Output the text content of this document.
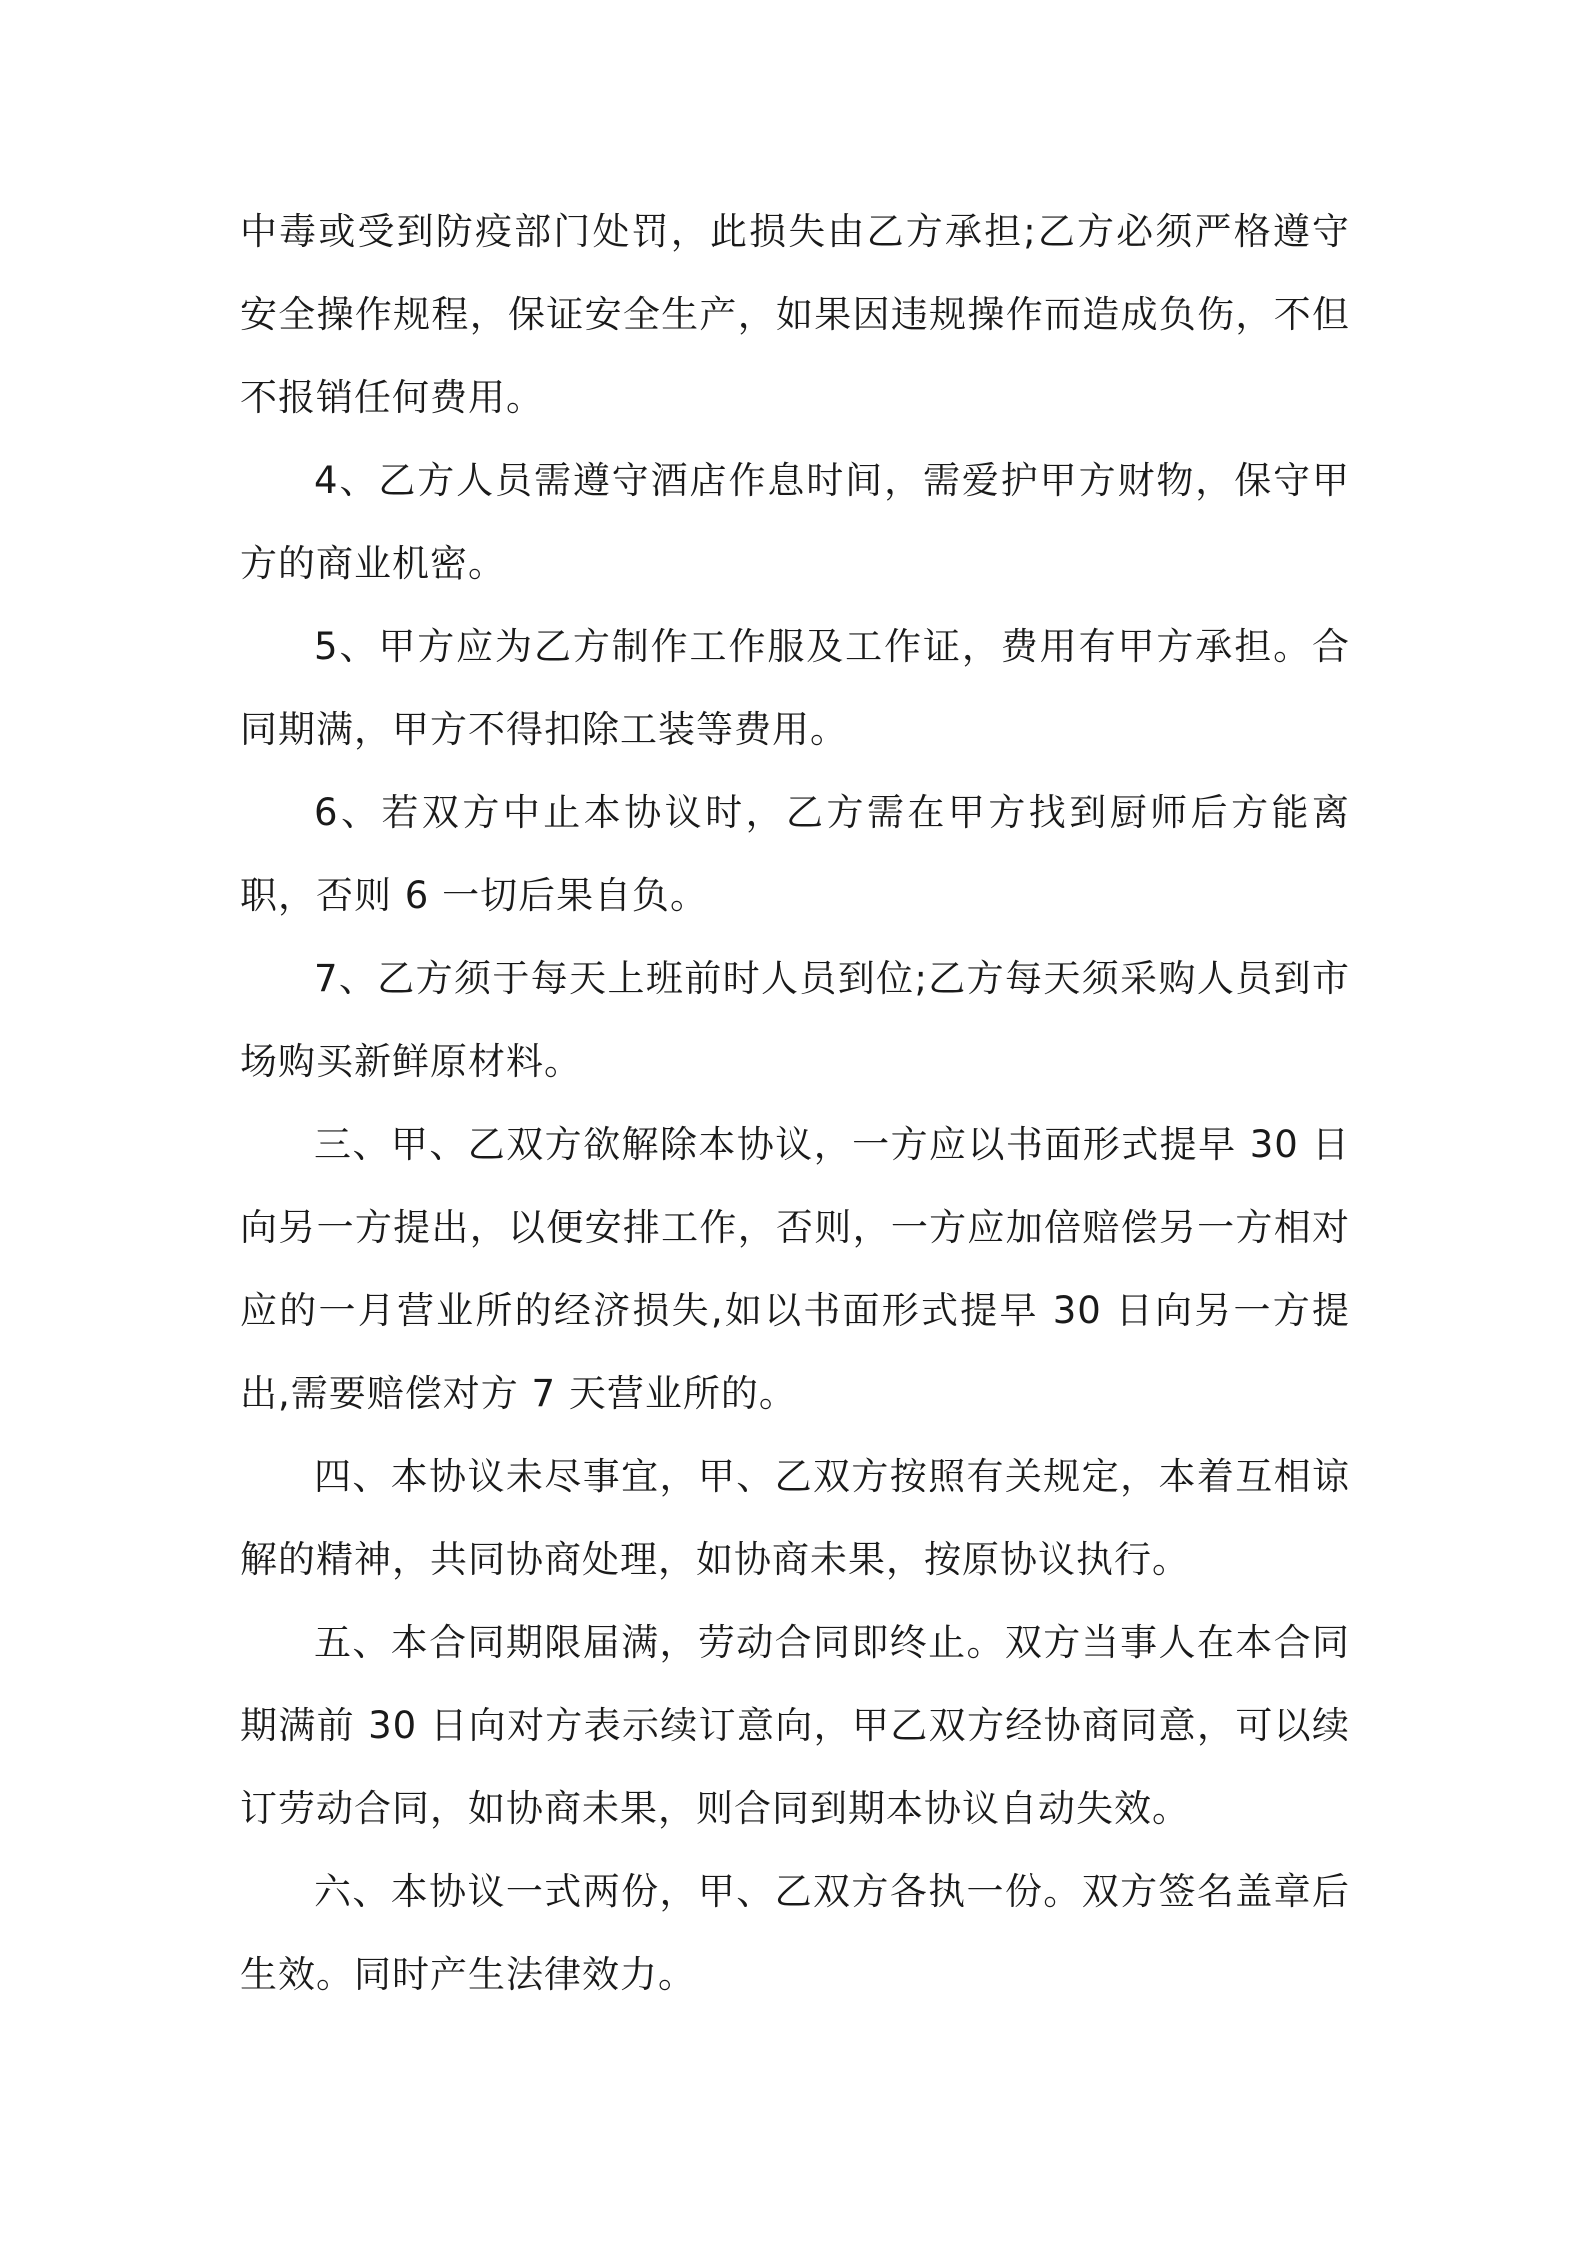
中毒或受到防疫部门处罚，此损失由乙方承担;乙方必须严格遵守安全操作规程，保证安全生产，如果因违规操作而造成负伤，不但不报销任何费用。

4、乙方人员需遵守酒店作息时间，需爱护甲方财物，保守甲方的商业机密。

5、甲方应为乙方制作工作服及工作证，费用有甲方承担。合同期满，甲方不得扣除工装等费用。

6、若双方中止本协议时，乙方需在甲方找到厨师后方能离职，否则 6 一切后果自负。

7、乙方须于每天上班前时人员到位;乙方每天须采购人员到市场购买新鲜原材料。

三、甲、乙双方欲解除本协议，一方应以书面形式提早 30 日向另一方提出，以便安排工作，否则，一方应加倍赔偿另一方相对应的一月营业所的经济损失,如以书面形式提早 30 日向另一方提出,需要赔偿对方 7 天营业所的。

四、本协议未尽事宜，甲、乙双方按照有关规定，本着互相谅解的精神，共同协商处理，如协商未果，按原协议执行。

五、本合同期限届满，劳动合同即终止。双方当事人在本合同期满前 30 日向对方表示续订意向，甲乙双方经协商同意，可以续订劳动合同，如协商未果，则合同到期本协议自动失效。

六、本协议一式两份，甲、乙双方各执一份。双方签名盖章后生效。同时产生法律效力。
